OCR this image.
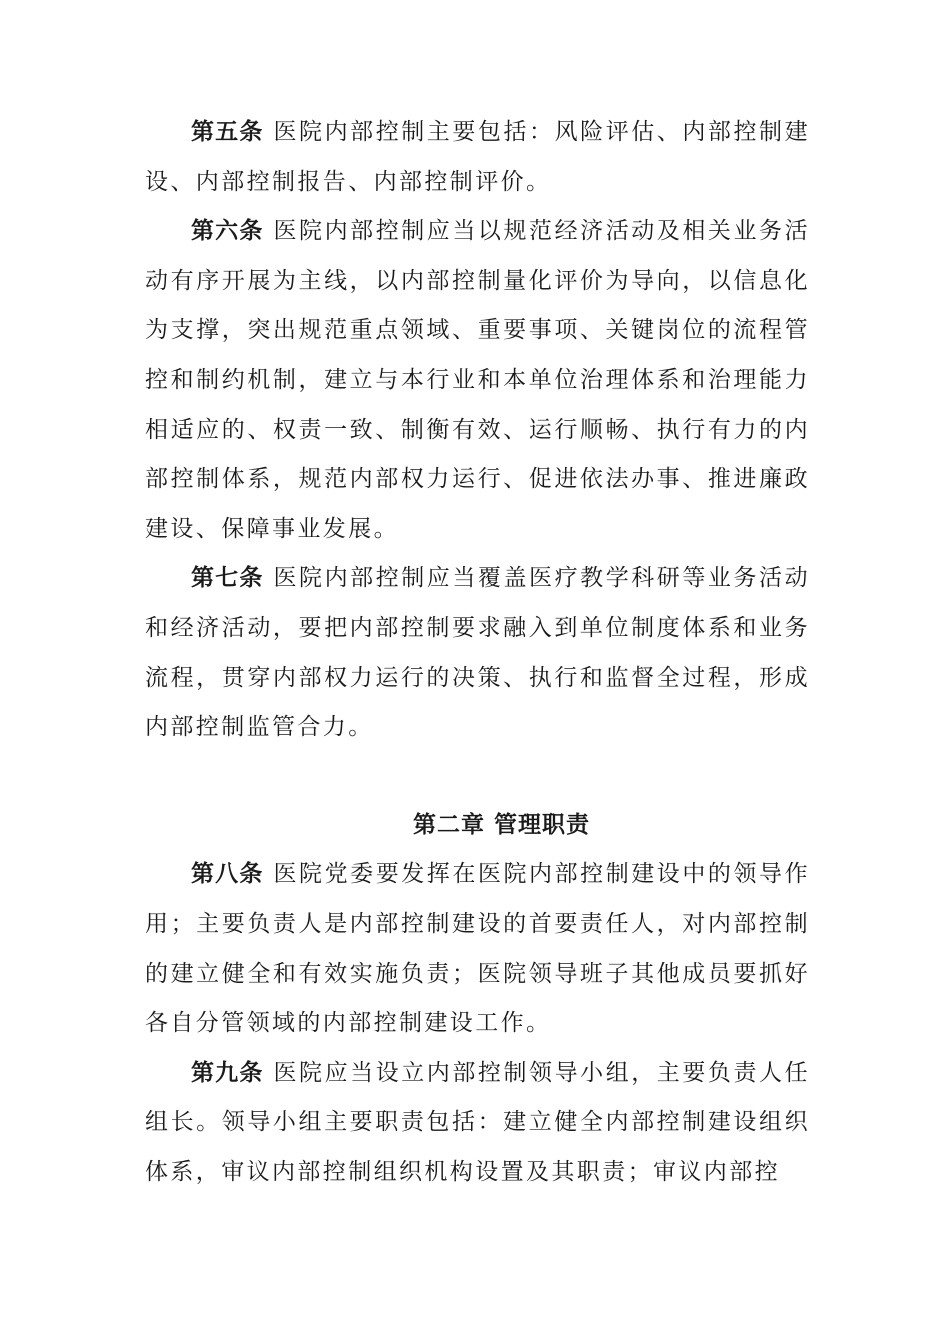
第五条 医院内部控制主要包括：风险评估、内部控制建设、内部控制报告、内部控制评价。

第六条 医院内部控制应当以规范经济活动及相关业务活动有序开展为主线，以内部控制量化评价为导向，以信息化为支撑，突出规范重点领域、重要事项、关键岗位的流程管控和制约机制，建立与本行业和本单位治理体系和治理能力相适应的、权责一致、制衡有效、运行顺畅、执行有力的内部控制体系，规范内部权力运行、促进依法办事、推进廉政建设、保障事业发展。

第七条 医院内部控制应当覆盖医疗教学科研等业务活动和经济活动，要把内部控制要求融入到单位制度体系和业务流程，贯穿内部权力运行的决策、执行和监督全过程，形成内部控制监管合力。

第二章 管理职责

第八条 医院党委要发挥在医院内部控制建设中的领导作用；主要负责人是内部控制建设的首要责任人，对内部控制的建立健全和有效实施负责；医院领导班子其他成员要抓好各自分管领域的内部控制建设工作。

第九条 医院应当设立内部控制领导小组，主要负责人任组长。领导小组主要职责包括：建立健全内部控制建设组织体系，审议内部控制组织机构设置及其职责；审议内部控
